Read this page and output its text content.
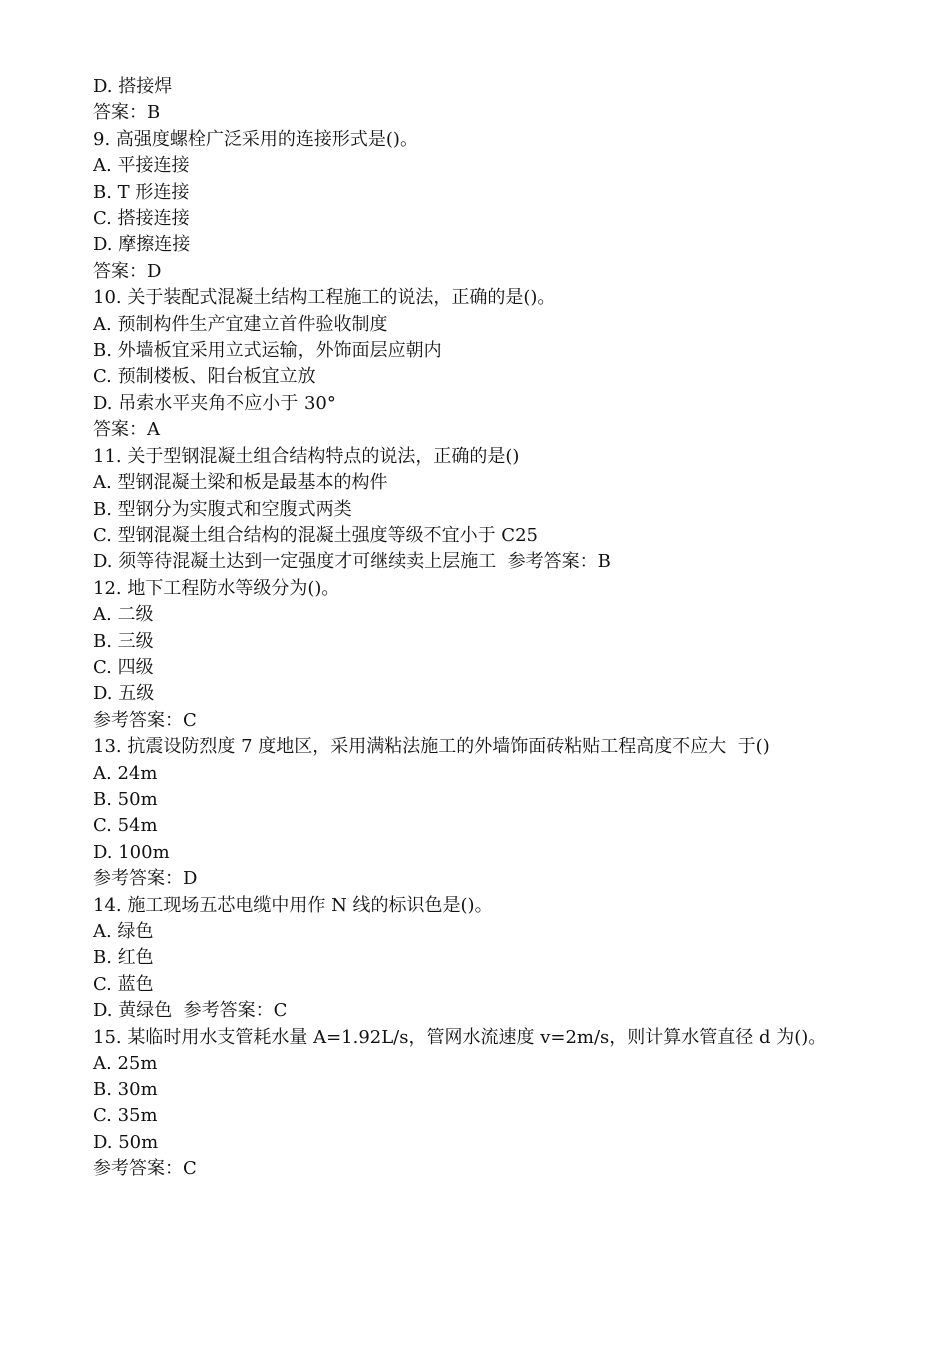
D. 搭接焊
答案：B
9. 高强度螺栓广泛采用的连接形式是()。
A. 平接连接
B. T 形连接
C. 搭接连接
D. 摩擦连接
答案：D
10. 关于装配式混凝土结构工程施工的说法，正确的是()。
A. 预制构件生产宜建立首件验收制度
B. 外墙板宜采用立式运输，外饰面层应朝内
C. 预制楼板、阳台板宜立放
D. 吊索水平夹角不应小于 30°
答案：A
11. 关于型钢混凝土组合结构特点的说法，正确的是()
A. 型钢混凝土梁和板是最基本的构件
B. 型钢分为实腹式和空腹式两类
C. 型钢混凝土组合结构的混凝土强度等级不宜小于 C25
D. 须等待混凝土达到一定强度才可继续卖上层施工  参考答案：B
12. 地下工程防水等级分为()。
A. 二级
B. 三级
C. 四级
D. 五级
参考答案：C
13. 抗震设防烈度 7 度地区，采用满粘法施工的外墙饰面砖粘贴工程高度不应大  于()
A. 24m
B. 50m
C. 54m
D. 100m
参考答案：D
14. 施工现场五芯电缆中用作 N 线的标识色是()。
A. 绿色
B. 红色
C. 蓝色
D. 黄绿色  参考答案：C
15. 某临时用水支管耗水量 A=1.92L/s，管网水流速度 v=2m/s，则计算水管直径 d 为()。
A. 25m
B. 30m
C. 35m
D. 50m
参考答案：C
